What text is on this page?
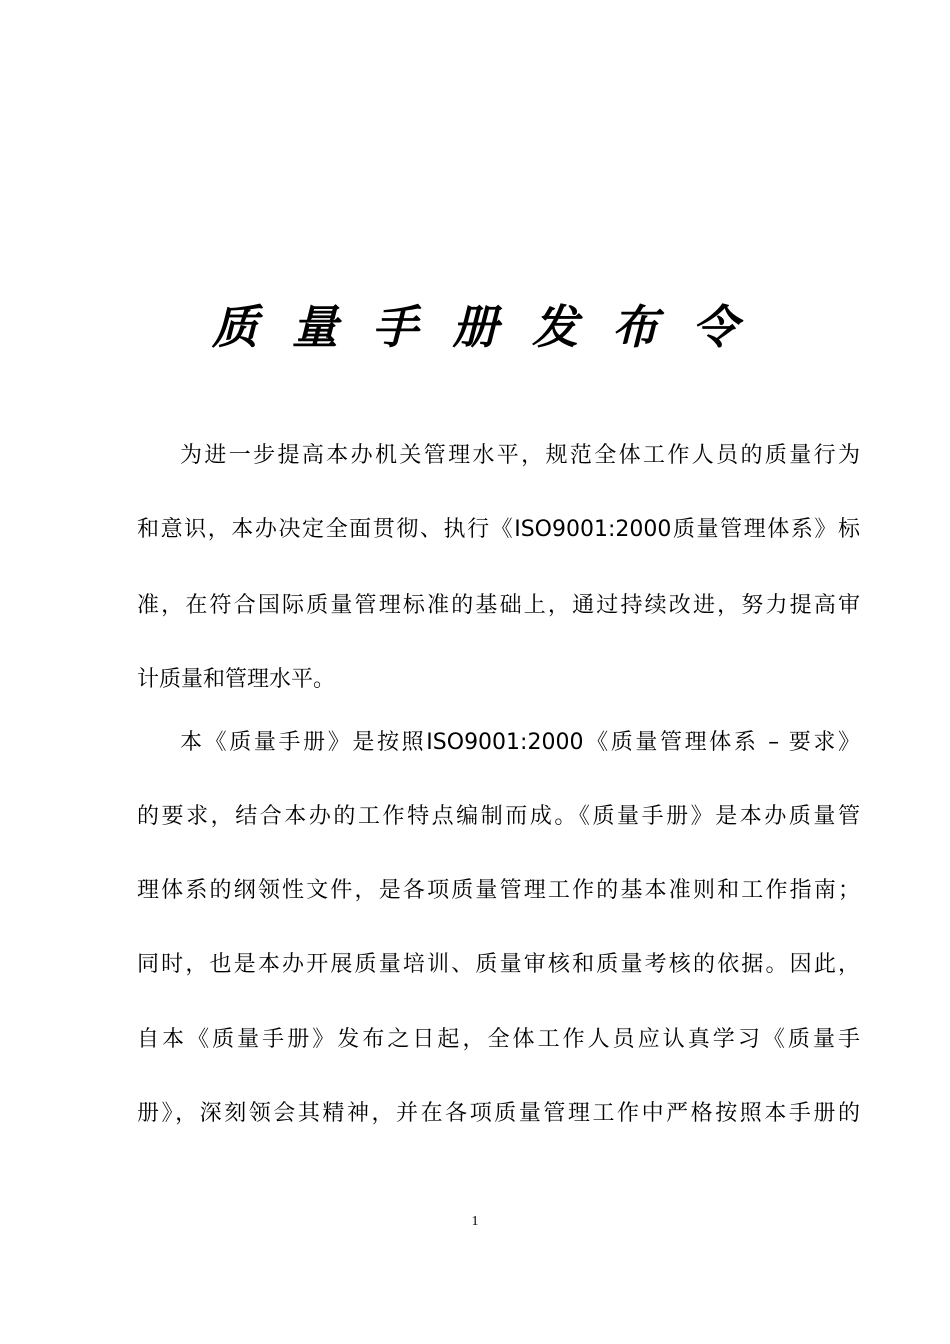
质量手册发布令
为进一步提高本办机关管理水平，规范全体工作人员的质量行为
和意识，本办决定全面贯彻、执行《ISO9001:2000质量管理体系》标
准，在符合国际质量管理标准的基础上，通过持续改进，努力提高审
计质量和管理水平。
本《质量手册》是按照ISO9001:2000《质量管理体系 – 要求》
的要求，结合本办的工作特点编制而成。《质量手册》是本办质量管
理体系的纲领性文件，是各项质量管理工作的基本准则和工作指南；
同时，也是本办开展质量培训、质量审核和质量考核的依据。因此，
自本《质量手册》发布之日起，全体工作人员应认真学习《质量手
册》，深刻领会其精神，并在各项质量管理工作中严格按照本手册的
1
